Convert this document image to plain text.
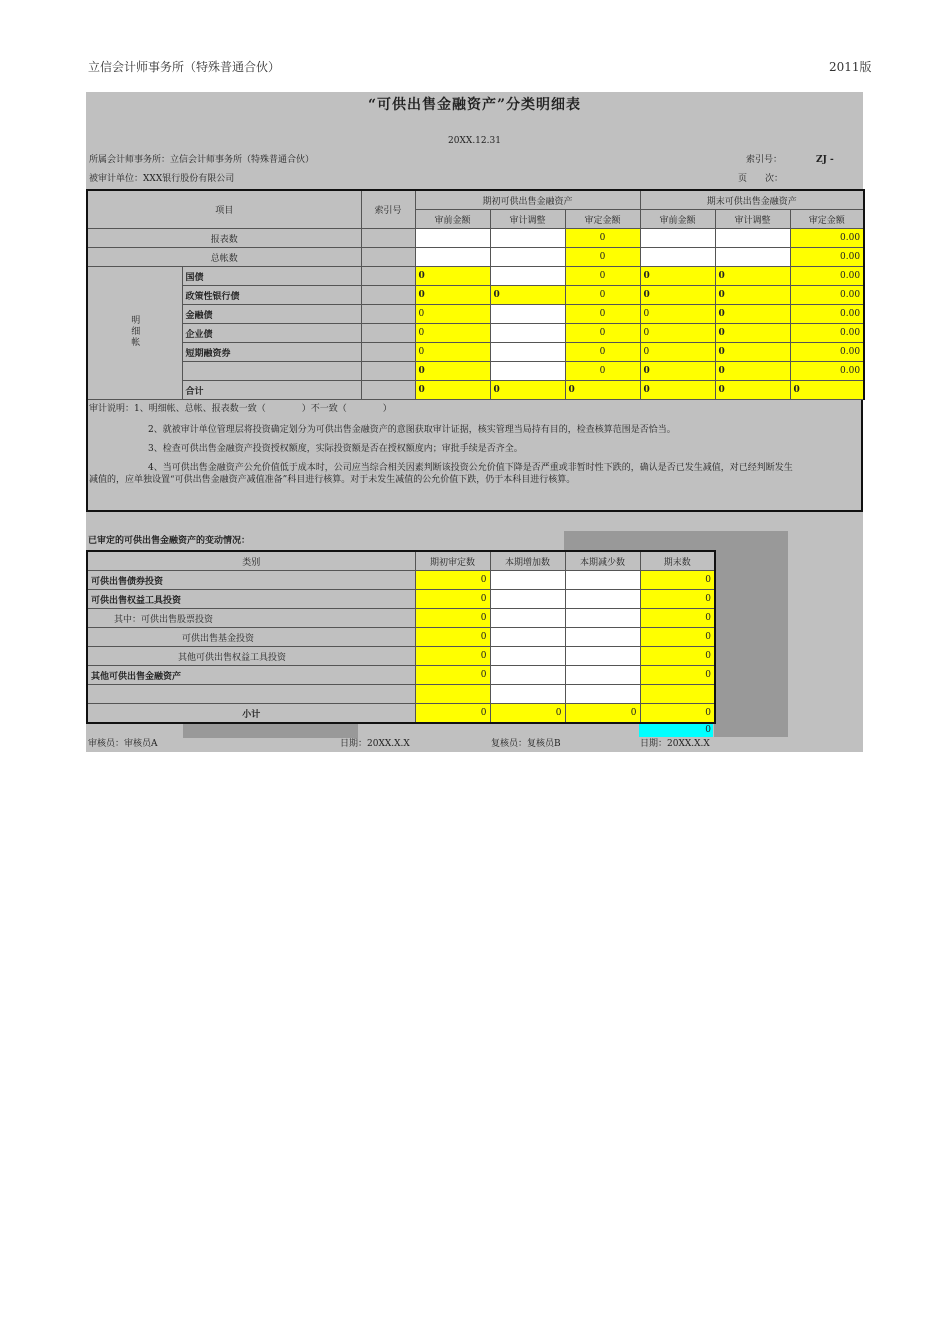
立信会计师事务所（特殊普通合伙）	2011版
“可供出售金融资产”分类明细表
20XX.12.31
所属会计师事务所：立信会计师事务所（特殊普通合伙）	索引号：	ZJ -
被审计单位：XXX银行股份有限公司	页　　次：
项目		索引号	期初可供出售金融资产			期末可供出售金融资产		
			审前金额	审计调整	审定金额	审前金额	审计调整	审定金额
报表数					0			0.00
总帐数					0			0.00
明细帐	国债		0		0	0	0	0.00
	政策性银行债		0	0	0	0	0	0.00
	金融债		0		0	0	0	0.00
	企业债		0		0	0	0	0.00
	短期融资券		0		0	0	0	0.00
			0		0	0	0	0.00
	合计		0	0	0	0	0	0
审计说明：1、明细帐、总帐、报表数一致（　　　　）不一致（　　　　）
2、就被审计单位管理层将投资确定划分为可供出售金融资产的意图获取审计证据，核实管理当局持有目的，检查核算范围是否恰当。
3、检查可供出售金融资产投资授权额度，实际投资额是否在授权额度内；审批手续是否齐全。
4、当可供出售金融资产公允价值低于成本时，公司应当综合相关因素判断该投资公允价值下降是否严重或非暂时性下跌的，确认是否已发生减值，对已经判断发生
减值的，应单独设置“可供出售金融资产减值准备”科目进行核算。对于未发生减值的公允价值下跌，仍于本科目进行核算。
已审定的可供出售金融资产的变动情况：
类别	期初审定数	本期增加数	本期减少数	期末数
可供出售债券投资	0			0
可供出售权益工具投资	0			0
其中：可供出售股票投资	0			0
可供出售基金投资	0			0
其他可供出售权益工具投资	0			0
其他可供出售金融资产	0			0

小计	0	0	0	0
0
审核员：审核员A	日期：20XX.X.X	复核员：复核员B	日期：20XX.X.X
